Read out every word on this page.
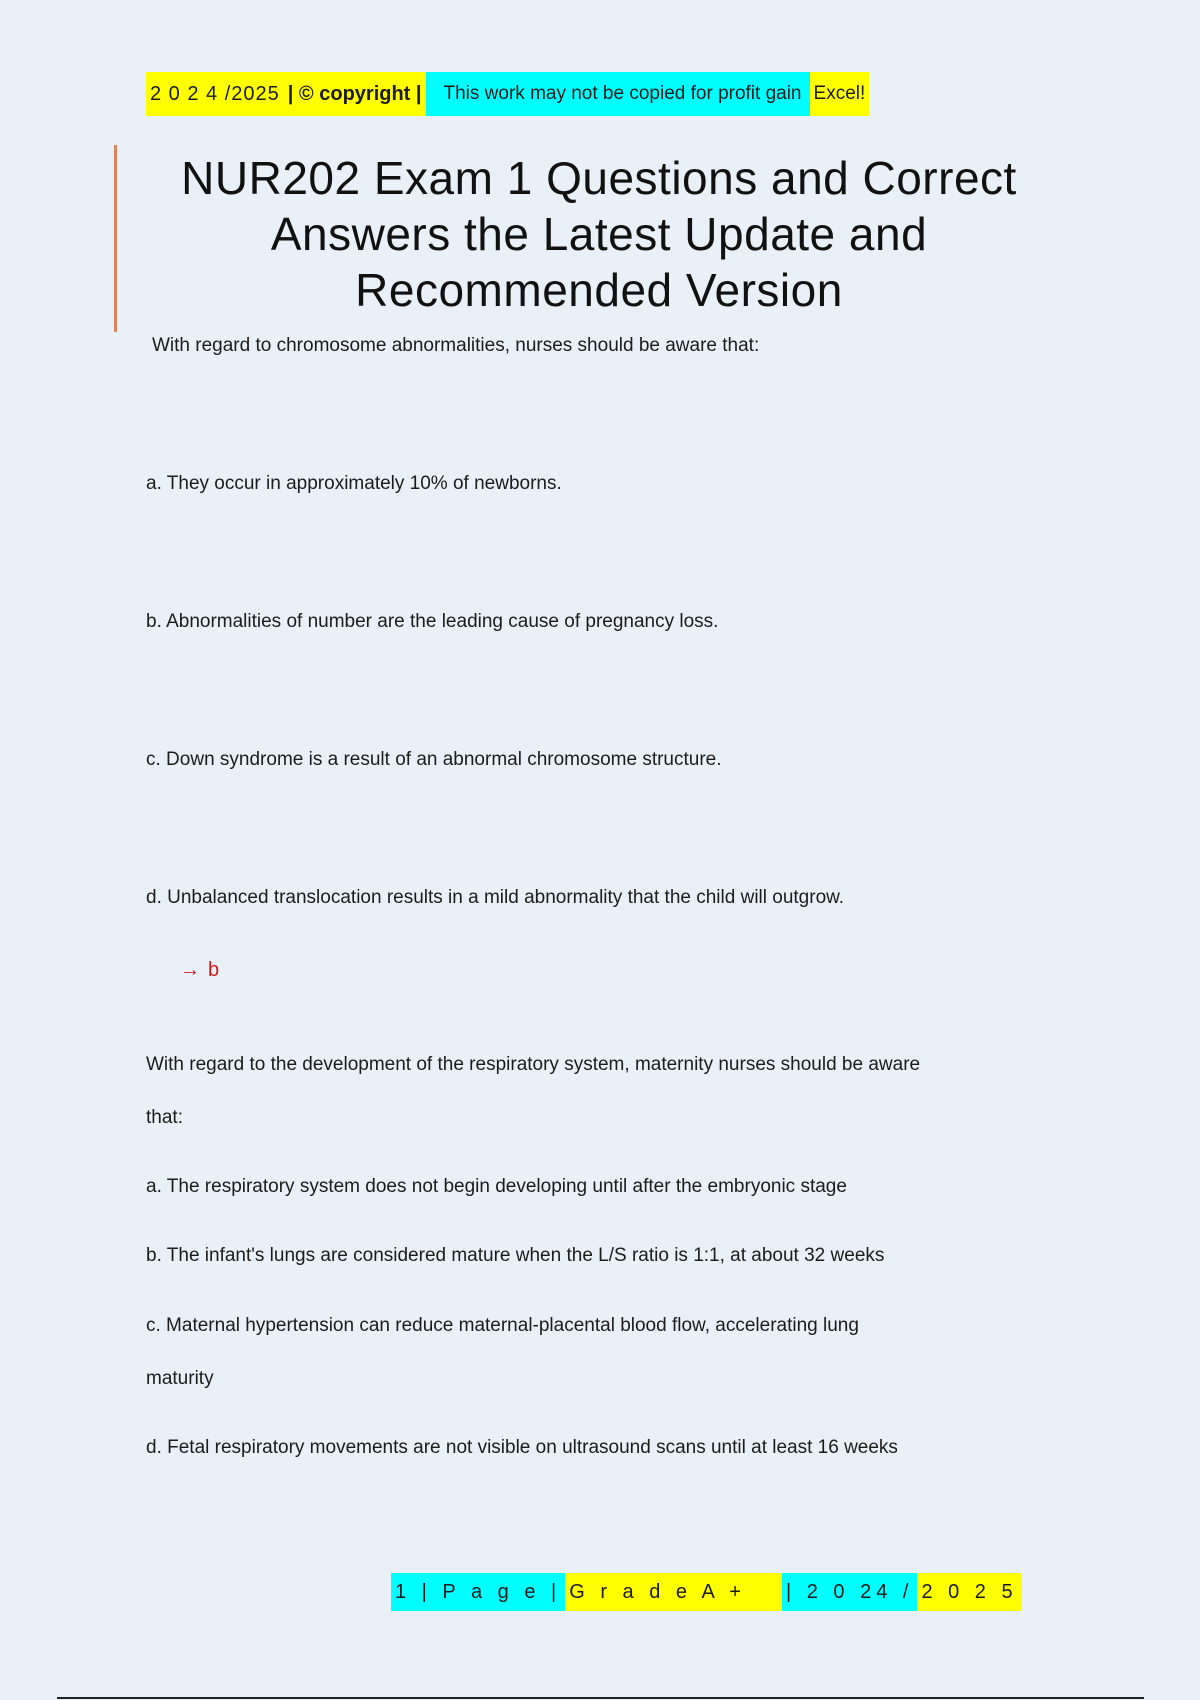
2 0 2 4 /2025 | © copyright |	This work may not be copied for profit gain Excel!
NUR202 Exam 1 Questions and Correct Answers the Latest Update and Recommended Version
With regard to chromosome abnormalities, nurses should be aware that:
a. They occur in approximately 10% of newborns.
b. Abnormalities of number are the leading cause of pregnancy loss.
c. Down syndrome is a result of an abnormal chromosome structure.
d. Unbalanced translocation results in a mild abnormality that the child will outgrow.
→ b
With regard to the development of the respiratory system, maternity nurses should be aware
that:
a. The respiratory system does not begin developing until after the embryonic stage
b. The infant's lungs are considered mature when the L/S ratio is 1:1, at about 32 weeks
c. Maternal hypertension can reduce maternal-placental blood flow, accelerating lung
maturity
d. Fetal respiratory movements are not visible on ultrasound scans until at least 16 weeks
1 | P a g e | G r a d e A +	| 2 0 24 / 2 0 2 5
